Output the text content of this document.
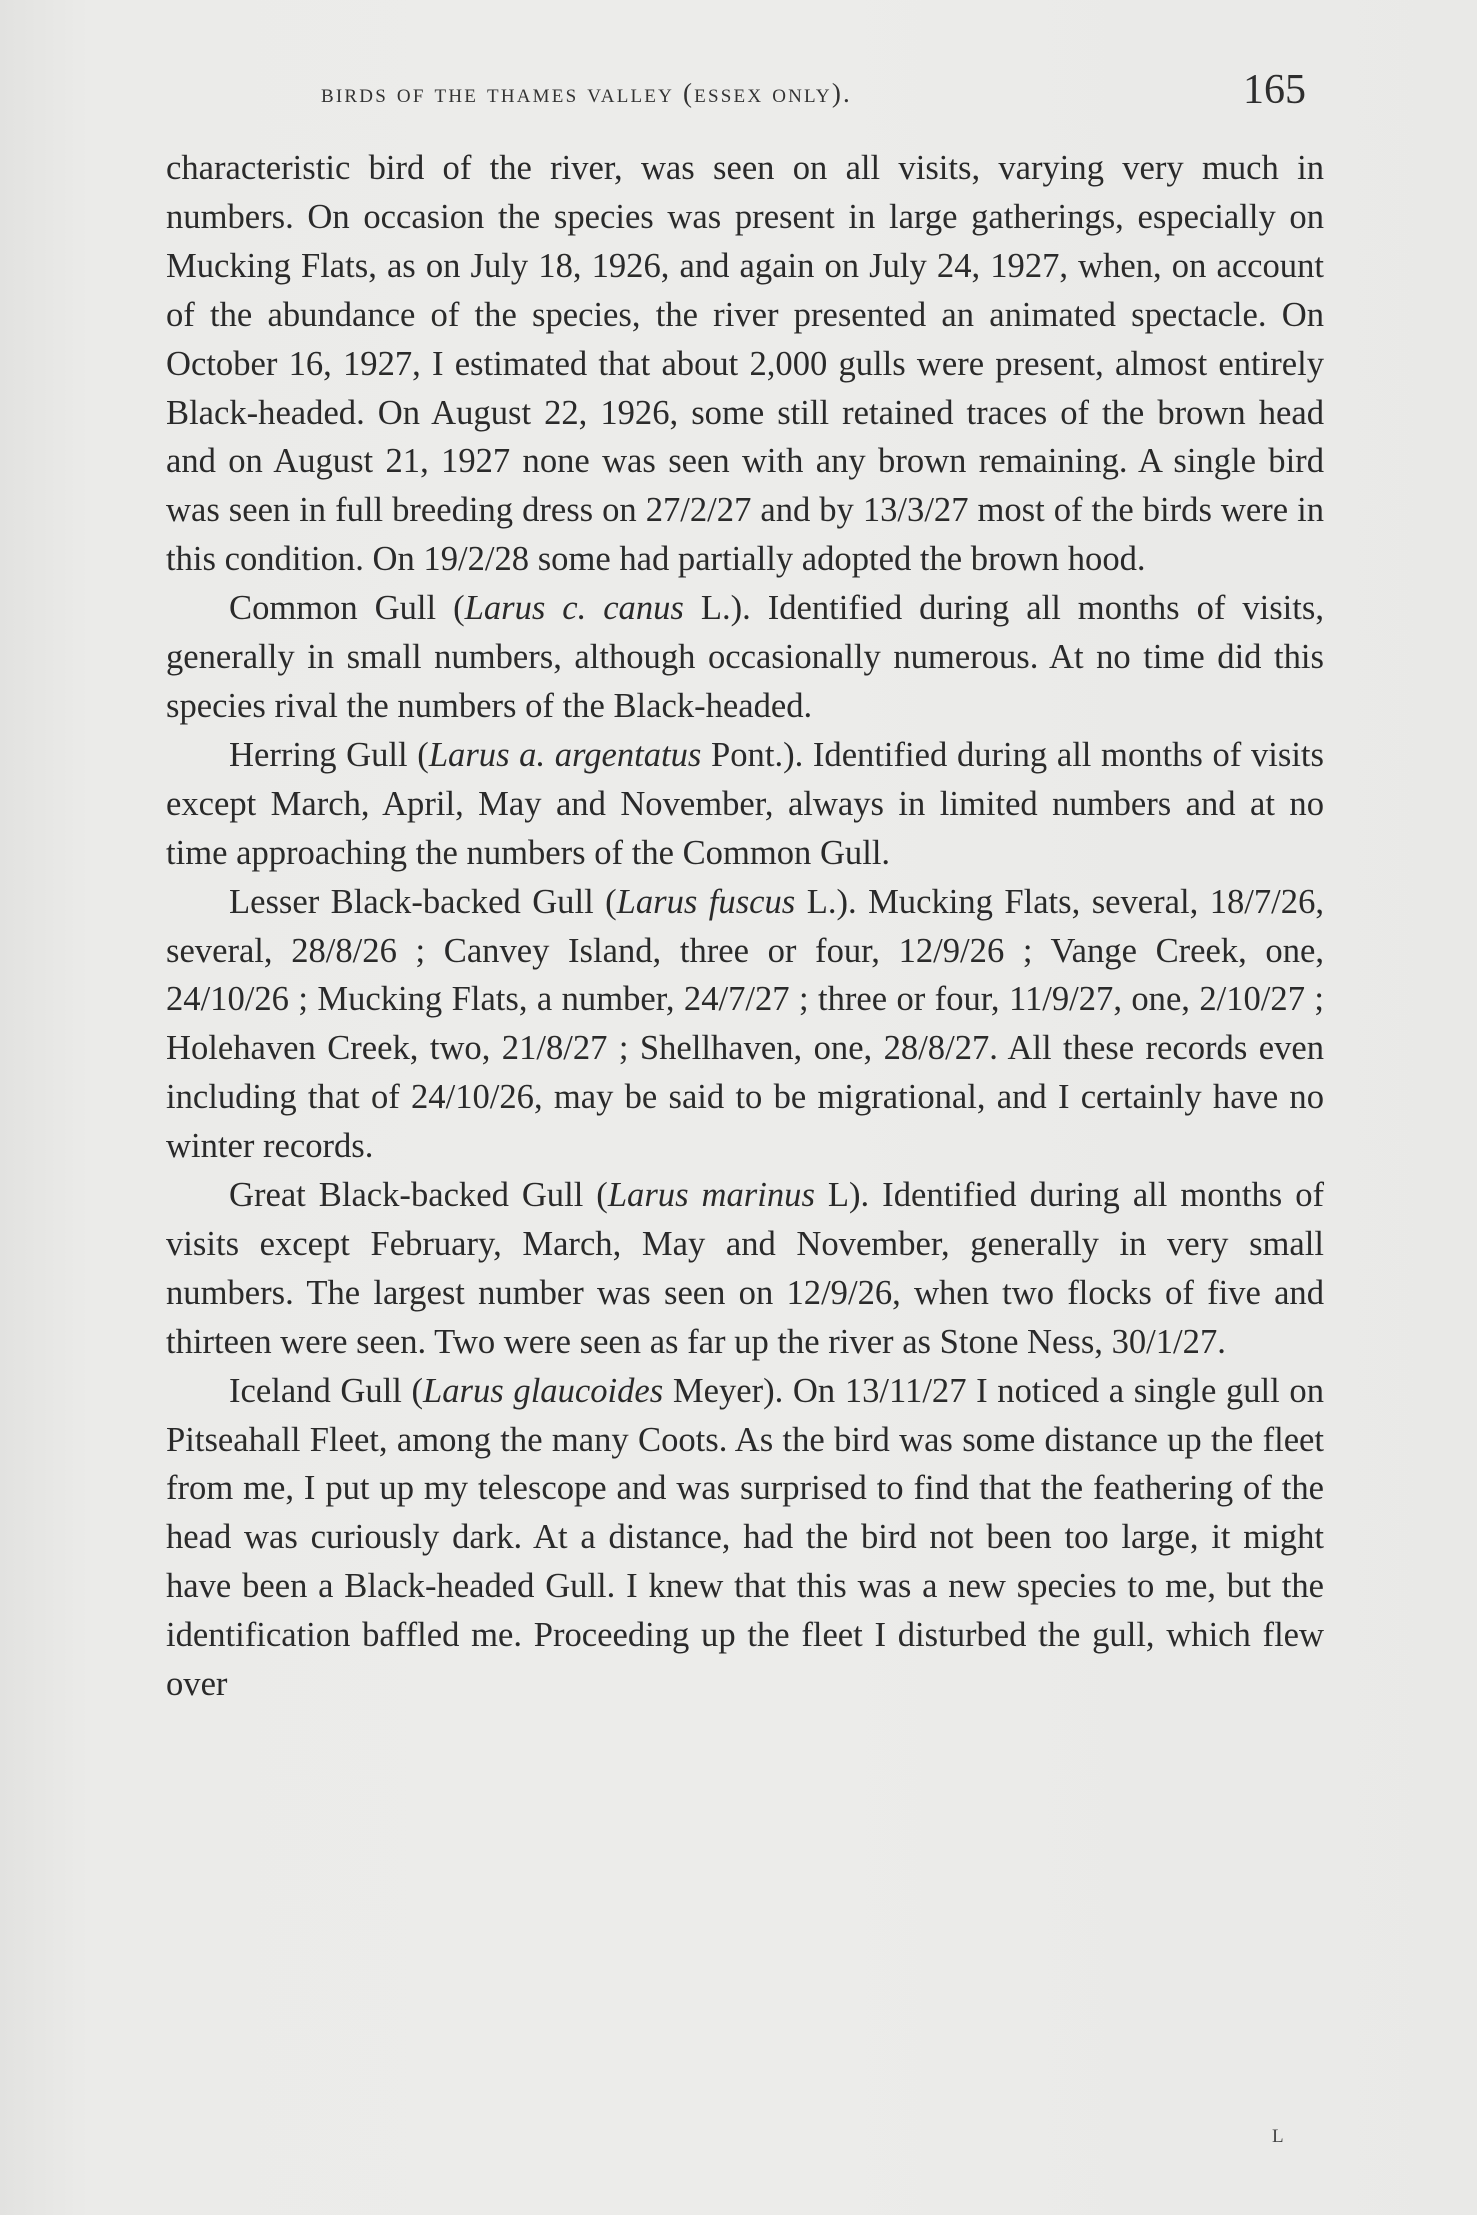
birds of the thames valley (essex only).	165

characteristic bird of the river, was seen on all visits, varying very much in numbers. On occasion the species was present in large gatherings, especially on Mucking Flats, as on July 18, 1926, and again on July 24, 1927, when, on account of the abundance of the species, the river presented an animated spectacle. On October 16, 1927, I estimated that about 2,000 gulls were present, almost entirely Black-headed. On August 22, 1926, some still retained traces of the brown head and on August 21, 1927 none was seen with any brown remaining. A single bird was seen in full breeding dress on 27/2/27 and by 13/3/27 most of the birds were in this condition. On 19/2/28 some had partially adopted the brown hood.

Common Gull (Larus c. canus L.). Identified during all months of visits, generally in small numbers, although occasionally numerous. At no time did this species rival the numbers of the Black-headed.

Herring Gull (Larus a. argentatus Pont.). Identified during all months of visits except March, April, May and November, always in limited numbers and at no time approaching the numbers of the Common Gull.

Lesser Black-backed Gull (Larus fuscus L.). Mucking Flats, several, 18/7/26, several, 28/8/26 ; Canvey Island, three or four, 12/9/26 ; Vange Creek, one, 24/10/26 ; Mucking Flats, a number, 24/7/27 ; three or four, 11/9/27, one, 2/10/27 ; Holehaven Creek, two, 21/8/27 ; Shellhaven, one, 28/8/27. All these records even including that of 24/10/26, may be said to be migrational, and I certainly have no winter records.

Great Black-backed Gull (Larus marinus L). Identified during all months of visits except February, March, May and November, generally in very small numbers. The largest number was seen on 12/9/26, when two flocks of five and thirteen were seen. Two were seen as far up the river as Stone Ness, 30/1/27.

Iceland Gull (Larus glaucoides Meyer). On 13/11/27 I noticed a single gull on Pitseahall Fleet, among the many Coots. As the bird was some distance up the fleet from me, I put up my telescope and was surprised to find that the feathering of the head was curiously dark. At a distance, had the bird not been too large, it might have been a Black-headed Gull. I knew that this was a new species to me, but the identification baffled me. Proceeding up the fleet I disturbed the gull, which flew over

L
